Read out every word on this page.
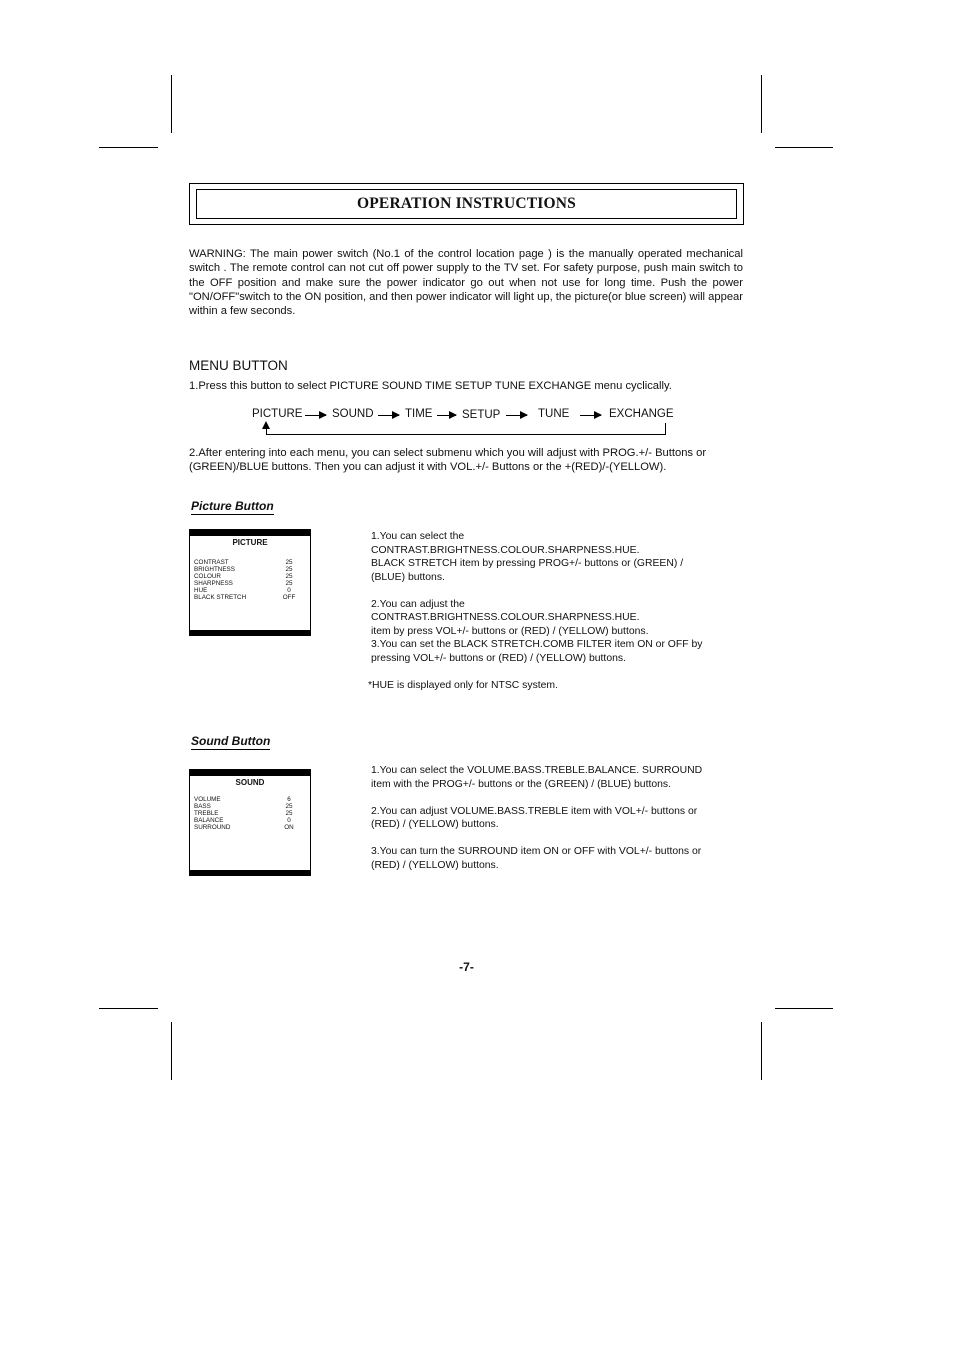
OPERATION INSTRUCTIONS
WARNING: The main power switch (No.1 of the control location page ) is the manually operated mechanical switch . The remote control can not cut off power supply to the TV set. For safety purpose, push main switch to the OFF position and make sure the power indicator go out when not use for long time. Push the power "ON/OFF"switch to the ON position, and then power indicator will light up, the picture(or blue screen) will appear within a few seconds.
MENU BUTTON
1.Press this button to select PICTURE SOUND TIME SETUP TUNE EXCHANGE menu cyclically.
PICTURE	SOUND	TIME	SETUP	TUNE	EXCHANGE
2.After entering into each menu, you can select submenu which you will adjust with PROG.+/- Buttons or (GREEN)/BLUE buttons. Then you can adjust it with VOL.+/- Buttons or the +(RED)/-(YELLOW).
Picture Button
PICTURE
CONTRAST	25
BRIGHTNESS	25
COLOUR	25
SHARPNESS	25
HUE	0
BLACK STRETCH	OFF

1.You can select the

CONTRAST.BRIGHTNESS.COLOUR.SHARPNESS.HUE.

BLACK STRETCH item by pressing PROG+/- buttons or (GREEN) /

(BLUE) buttons.

2.You can adjust the

CONTRAST.BRIGHTNESS.COLOUR.SHARPNESS.HUE.

item by press VOL+/- buttons or (RED) / (YELLOW) buttons.

3.You can set the BLACK STRETCH.COMB FILTER item ON or OFF by

pressing VOL+/- buttons or (RED) / (YELLOW) buttons.

*HUE is displayed only for NTSC system.
Sound Button
SOUND
VOLUME	6
BASS	25
TREBLE	25
BALANCE	0
SURROUND	ON

1.You can select the VOLUME.BASS.TREBLE.BALANCE. SURROUND

item with the PROG+/- buttons or the (GREEN) / (BLUE) buttons.

2.You can adjust VOLUME.BASS.TREBLE item with VOL+/- buttons or

(RED) / (YELLOW) buttons.

3.You can turn the SURROUND item ON or OFF with VOL+/- buttons or

(RED) / (YELLOW) buttons.

-7-
